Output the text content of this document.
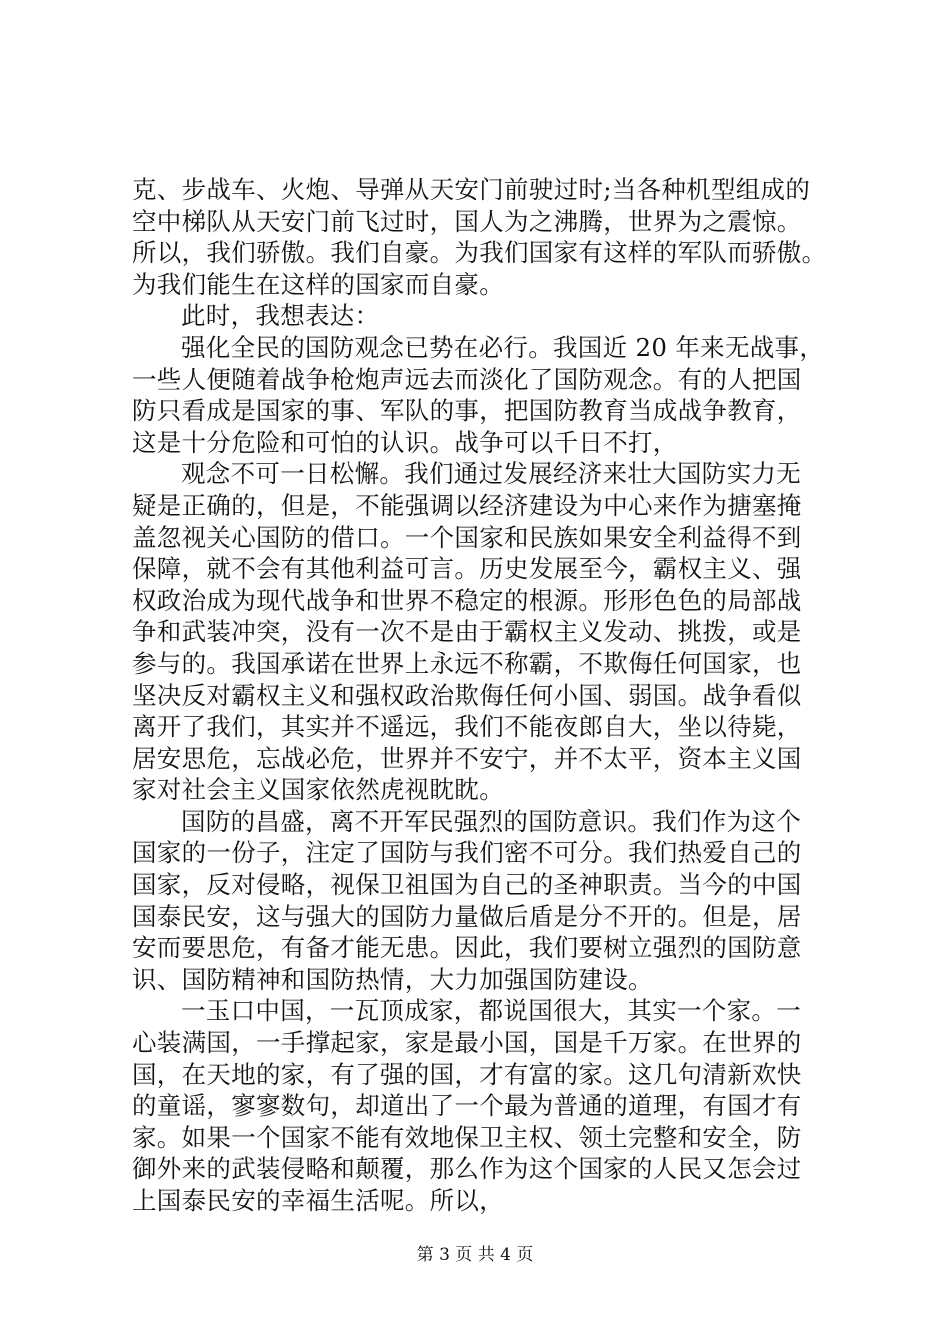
克、步战车、火炮、导弹从天安门前驶过时;当各种机型组成的
空中梯队从天安门前飞过时，国人为之沸腾，世界为之震惊。
所以，我们骄傲。我们自豪。为我们国家有这样的军队而骄傲。
为我们能生在这样的国家而自豪。
此时，我想表达：
强化全民的国防观念已势在必行。我国近 20 年来无战事，
一些人便随着战争枪炮声远去而淡化了国防观念。有的人把国
防只看成是国家的事、军队的事，把国防教育当成战争教育，
这是十分危险和可怕的认识。战争可以千日不打，
观念不可一日松懈。我们通过发展经济来壮大国防实力无
疑是正确的，但是，不能强调以经济建设为中心来作为搪塞掩
盖忽视关心国防的借口。一个国家和民族如果安全利益得不到
保障，就不会有其他利益可言。历史发展至今，霸权主义、强
权政治成为现代战争和世界不稳定的根源。形形色色的局部战
争和武装冲突，没有一次不是由于霸权主义发动、挑拨，或是
参与的。我国承诺在世界上永远不称霸，不欺侮任何国家，也
坚决反对霸权主义和强权政治欺侮任何小国、弱国。战争看似
离开了我们，其实并不遥远，我们不能夜郎自大，坐以待毙，
居安思危，忘战必危，世界并不安宁，并不太平，资本主义国
家对社会主义国家依然虎视眈眈。
国防的昌盛，离不开军民强烈的国防意识。我们作为这个
国家的一份子，注定了国防与我们密不可分。我们热爱自己的
国家，反对侵略，视保卫祖国为自己的圣神职责。当今的中国
国泰民安，这与强大的国防力量做后盾是分不开的。但是，居
安而要思危，有备才能无患。因此，我们要树立强烈的国防意
识、国防精神和国防热情，大力加强国防建设。
一玉口中国，一瓦顶成家，都说国很大，其实一个家。一
心装满国，一手撑起家，家是最小国，国是千万家。在世界的
国，在天地的家，有了强的国，才有富的家。这几句清新欢快
的童谣，寥寥数句，却道出了一个最为普通的道理，有国才有
家。如果一个国家不能有效地保卫主权、领土完整和安全，防
御外来的武装侵略和颠覆，那么作为这个国家的人民又怎会过
上国泰民安的幸福生活呢。所以，
第 3 页 共 4 页
